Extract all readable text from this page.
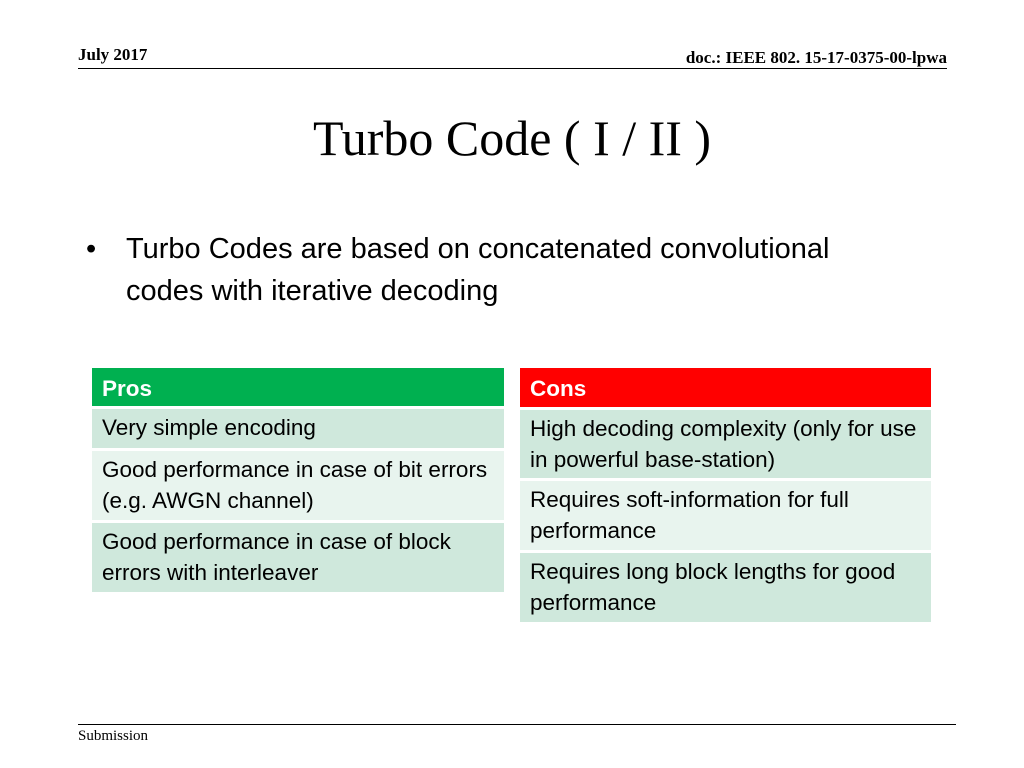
July 2017	doc.: IEEE 802. 15-17-0375-00-lpwa
Turbo Code ( I / II )
• Turbo Codes are based on concatenated convolutional codes with iterative decoding
Pros
Very simple encoding
Good performance in case of bit errors (e.g. AWGN channel)
Good performance in case of block errors with interleaver
Cons
High decoding complexity (only for use in powerful base-station)
Requires soft-information for full performance
Requires long block lengths for good performance
Submission
